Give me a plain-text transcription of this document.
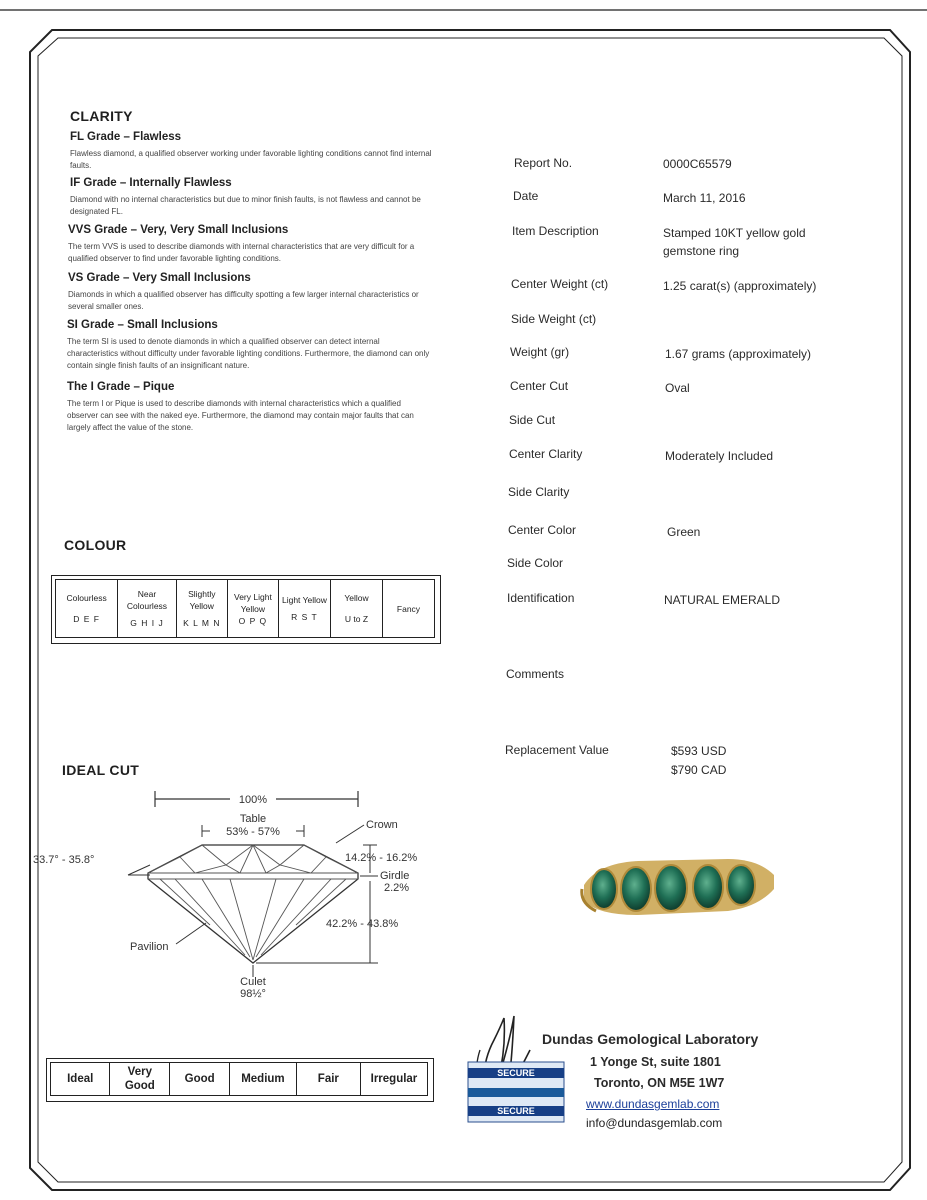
CLARITY
FL Grade – Flawless
Flawless diamond, a qualified observer working under favorable lighting conditions cannot find internal faults.
IF Grade – Internally Flawless
Diamond with no internal characteristics but due to minor finish faults, is not flawless and cannot be designated FL.
VVS Grade – Very, Very Small Inclusions
The term VVS is used to describe diamonds with internal characteristics that are very difficult for a qualified observer to find under favorable lighting conditions.
VS Grade – Very Small Inclusions
Diamonds in which a qualified observer has difficulty spotting a few larger internal characteristics or several smaller ones.
SI Grade – Small Inclusions
The term SI is used to denote diamonds in which a qualified observer can detect internal characteristics without difficulty under favorable lighting conditions. Furthermore, the diamond can only contain single finish faults of an insignificant nature.
The I Grade – Pique
The term I or Pique is used to describe diamonds with internal characteristics which a qualified observer can see with the naked eye. Furthermore, the diamond may contain major faults that can largely affect the value of the stone.
COLOUR
Colourless
D E F

Near Colourless
G H I J

Slightly Yellow
K L M N

Very Light Yellow
O P Q

Light Yellow
R S T

Yellow
U to Z

Fancy
IDEAL CUT
100%
Table
53% - 57%
Crown
33.7° - 35.8°	14.2% - 16.2%
Girdle
2.2%
42.2% - 43.8%
Pavilion
Culet
98½°
Ideal	Very Good	Good	Medium	Fair	Irregular
Report No.	0000C65579
Date	March 11, 2016
Item Description	Stamped 10KT yellow gold gemstone ring
Center Weight (ct)	1.25 carat(s) (approximately)
Side Weight (ct)
Weight (gr)	1.67 grams (approximately)
Center Cut	Oval
Side Cut
Center Clarity	Moderately Included
Side Clarity
Center Color	Green
Side Color
Identification	NATURAL EMERALD
Comments
Replacement Value	$593 USD
$790 CAD
SECURE
SECURE
Dundas Gemological Laboratory
1 Yonge St, suite 1801
Toronto, ON M5E 1W7
www.dundasgemlab.com
info@dundasgemlab.com
